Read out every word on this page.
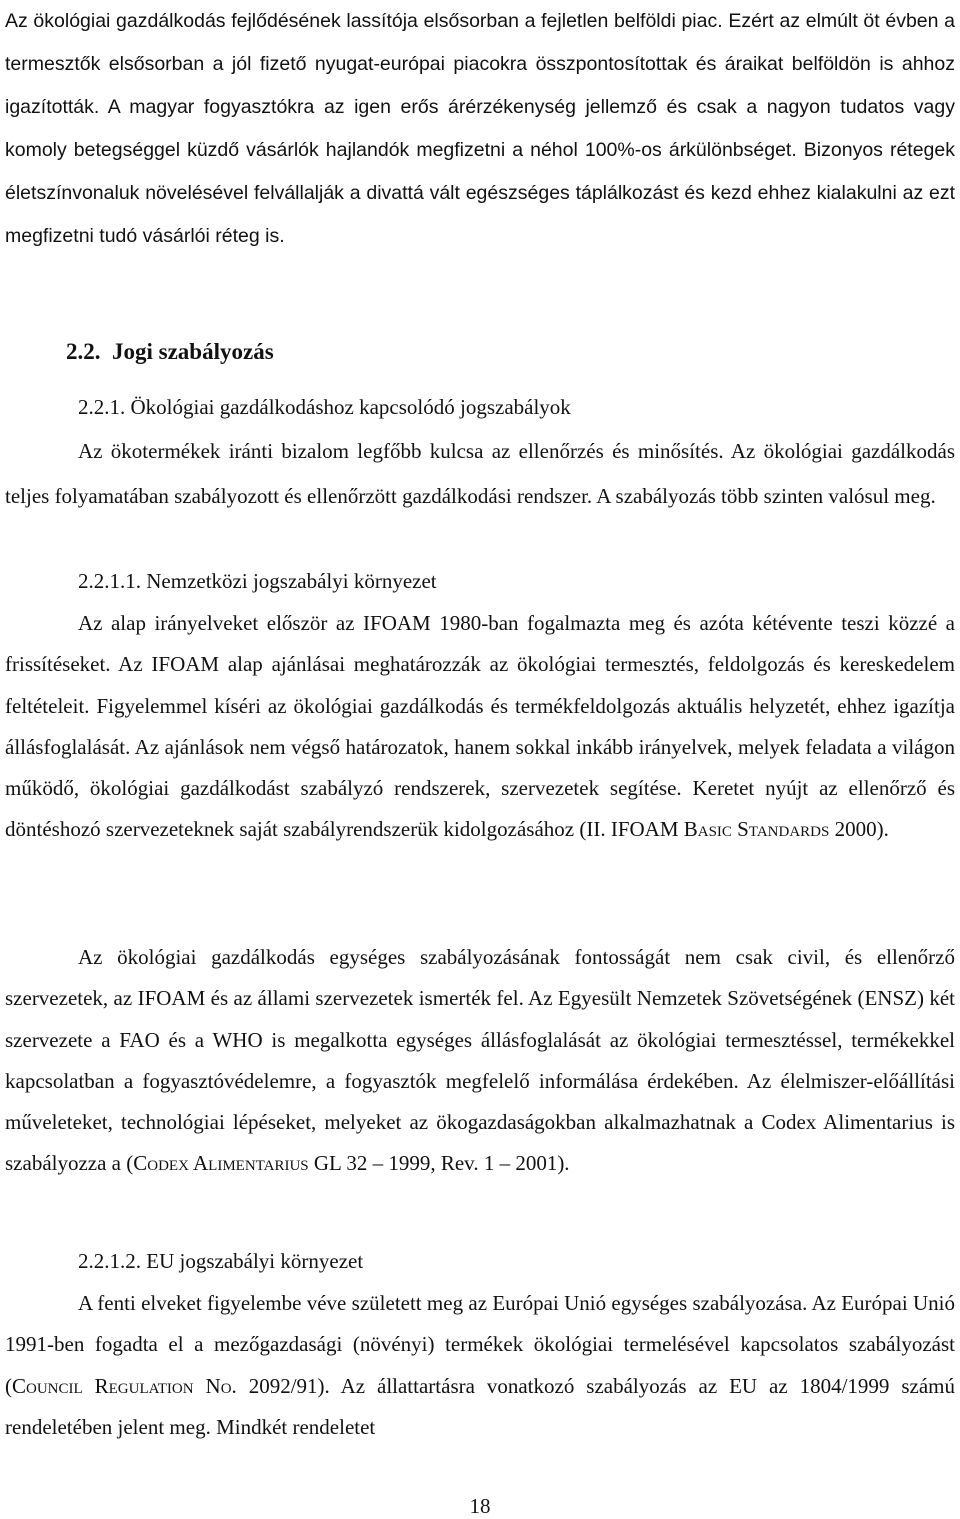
Az ökológiai gazdálkodás fejlődésének lassítója elsősorban a fejletlen belföldi piac. Ezért az elmúlt öt évben a termesztők elsősorban a jól fizető nyugat-európai piacokra összpontosítottak és áraikat belföldön is ahhoz igazították. A magyar fogyasztókra az igen erős árérzékenység jellemző és csak a nagyon tudatos vagy komoly betegséggel küzdő vásárlók hajlandók megfizetni a néhol 100%-os árkülönbséget. Bizonyos rétegek életszínvonaluk növelésével felvállalják a divattá vált egészséges táplálkozást és kezd ehhez kialakulni az ezt megfizetni tudó vásárlói réteg is.

2.2. Jogi szabályozás

2.2.1. Ökológiai gazdálkodáshoz kapcsolódó jogszabályok

Az ökotermékek iránti bizalom legfőbb kulcsa az ellenőrzés és minősítés. Az ökológiai gazdálkodás teljes folyamatában szabályozott és ellenőrzött gazdálkodási rendszer. A szabályozás több szinten valósul meg.

2.2.1.1. Nemzetközi jogszabályi környezet

Az alap irányelveket először az IFOAM 1980-ban fogalmazta meg és azóta kétévente teszi közzé a frissítéseket. Az IFOAM alap ajánlásai meghatározzák az ökológiai termesztés, feldolgozás és kereskedelem feltételeit. Figyelemmel kíséri az ökológiai gazdálkodás és termékfeldolgozás aktuális helyzetét, ehhez igazítja állásfoglalását. Az ajánlások nem végső határozatok, hanem sokkal inkább irányelvek, melyek feladata a világon működő, ökológiai gazdálkodást szabályzó rendszerek, szervezetek segítése. Keretet nyújt az ellenőrző és döntéshozó szervezeteknek saját szabályrendszerük kidolgozásához (II. IFOAM Basic Standards 2000).

Az ökológiai gazdálkodás egységes szabályozásának fontosságát nem csak civil, és ellenőrző szervezetek, az IFOAM és az állami szervezetek ismerték fel. Az Egyesült Nemzetek Szövetségének (ENSZ) két szervezete a FAO és a WHO is megalkotta egységes állásfoglalását az ökológiai termesztéssel, termékekkel kapcsolatban a fogyasztóvédelemre, a fogyasztók megfelelő informálása érdekében. Az élelmiszer-előállítási műveleteket, technológiai lépéseket, melyeket az ökogazdaságokban alkalmazhatnak a Codex Alimentarius is szabályozza a (Codex Alimentarius GL 32 – 1999, Rev. 1 – 2001).

2.2.1.2. EU jogszabályi környezet

A fenti elveket figyelembe véve született meg az Európai Unió egységes szabályozása. Az Európai Unió 1991-ben fogadta el a mezőgazdasági (növényi) termékek ökológiai termelésével kapcsolatos szabályozást (Council Regulation No. 2092/91). Az állattartásra vonatkozó szabályozás az EU az 1804/1999 számú rendeletében jelent meg. Mindkét rendeletet

18
